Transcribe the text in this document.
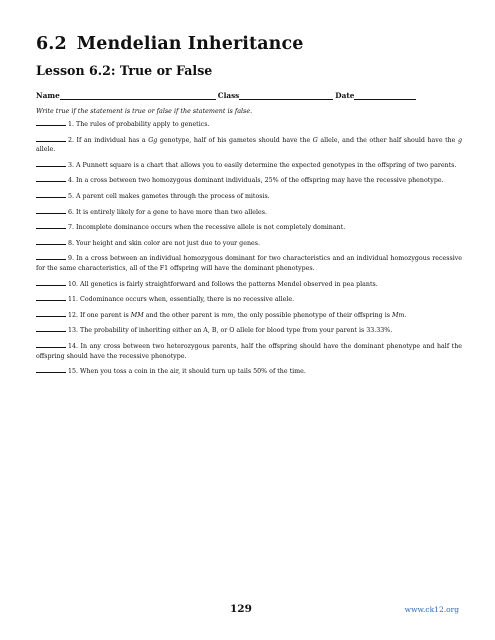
6.2 Mendelian Inheritance
Lesson 6.2: True or False
Name	Class	Date
Write true if the statement is true or false if the statement is false.
1. The rules of probability apply to genetics.
2. If an individual has a Gg genotype, half of his gametes should have the G allele, and the other half should have the g allele.
3. A Punnett square is a chart that allows you to easily determine the expected genotypes in the offspring of two parents.
4. In a cross between two homozygous dominant individuals, 25% of the offspring may have the recessive phenotype.
5. A parent cell makes gametes through the process of mitosis.
6. It is entirely likely for a gene to have more than two alleles.
7. Incomplete dominance occurs when the recessive allele is not completely dominant.
8. Your height and skin color are not just due to your genes.
9. In a cross between an individual homozygous dominant for two characteristics and an individual homozygous recessive for the same characteristics, all of the F1 offspring will have the dominant phenotypes.
10. All genetics is fairly straightforward and follows the patterns Mendel observed in pea plants.
11. Codominance occurs when, essentially, there is no recessive allele.
12. If one parent is MM and the other parent is mm, the only possible phenotype of their offspring is Mm.
13. The probability of inheriting either an A, B, or O allele for blood type from your parent is 33.33%.
14. In any cross between two heterozygous parents, half the offspring should have the dominant phenotype and half the offspring should have the recessive phenotype.
15. When you toss a coin in the air, it should turn up tails 50% of the time.
129	www.ck12.org
